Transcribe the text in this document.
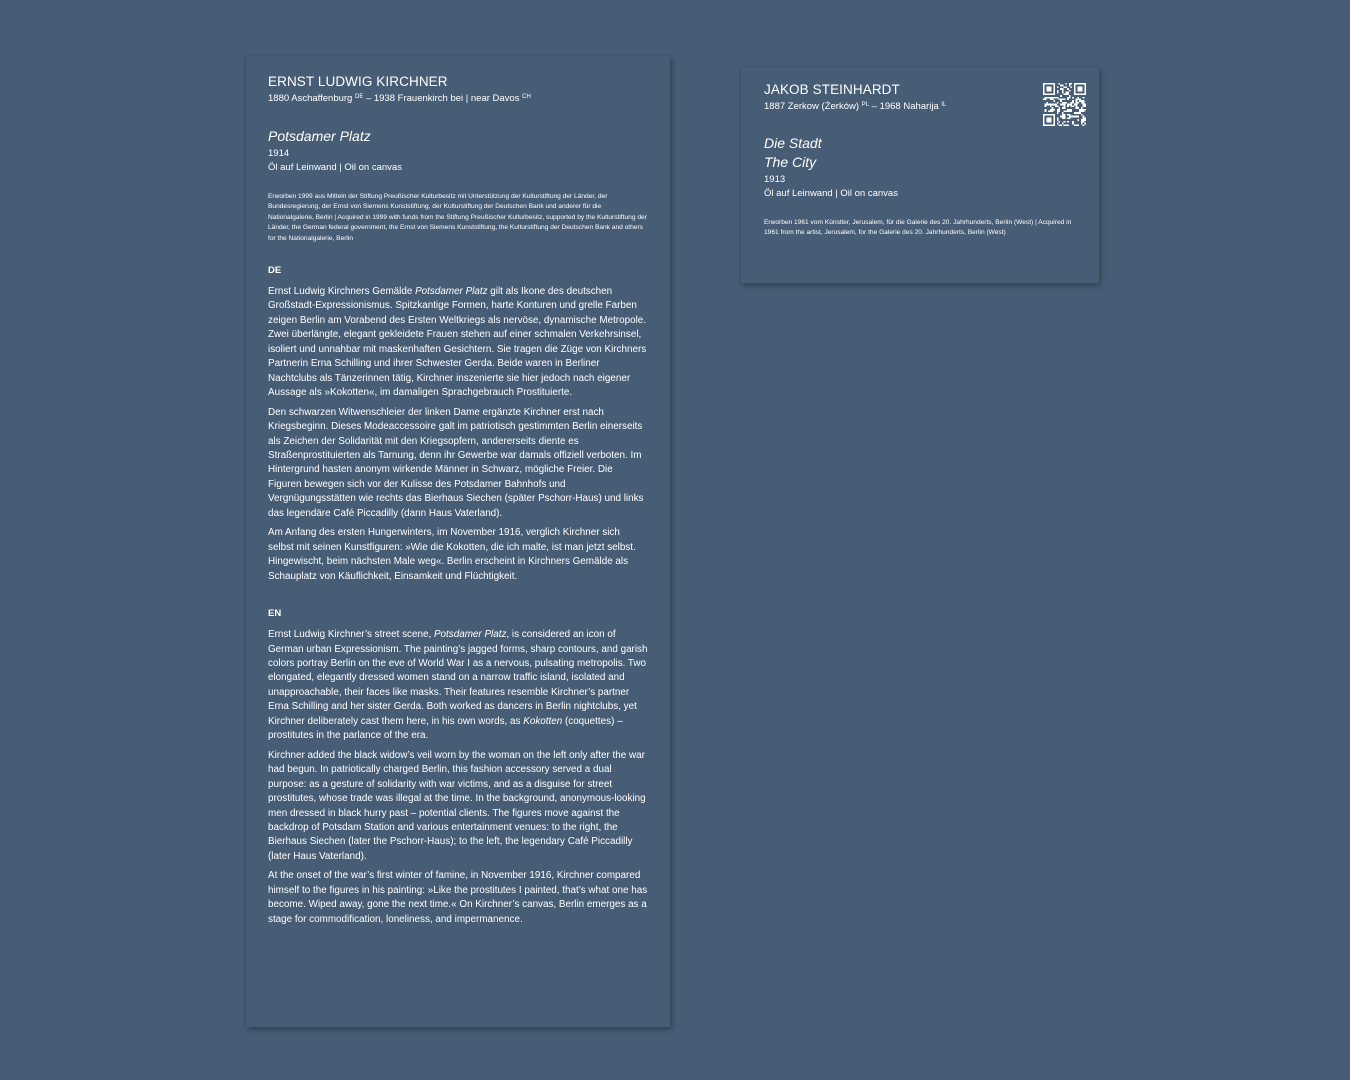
ERNST LUDWIG KIRCHNER

1880 Aschaffenburg $^{DE}$ – 1938 Frauenkirch bei | near Davos $^{CH}$

Potsdamer Platz

1914

Öl auf Leinwand | Oil on canvas

Erworben 1999 aus Mitteln der Stiftung Preußischer Kulturbesitz mit Unterstützung der Kulturstiftung der Länder, der Bundesregierung, der Ernst von Siemens Kunststiftung, der Kulturstiftung der Deutschen Bank und anderer für die Nationalgalerie, Berlin | Acquired in 1999 with funds from the Stiftung Preußischer Kulturbesitz, supported by the Kulturstiftung der Länder, the German federal government, the Ernst von Siemens Kunststiftung, the Kulturstiftung der Deutschen Bank and others for the Nationalgalerie, Berlin

DE

Ernst Ludwig Kirchners Gemälde Potsdamer Platz gilt als Ikone des deutschen Großstadt-Expressionismus. Spitzkantige Formen, harte Konturen und grelle Farben zeigen Berlin am Vorabend des Ersten Weltkriegs als nervöse, dynamische Metropole. Zwei überlängte, elegant gekleidete Frauen stehen auf einer schmalen Verkehrsinsel, isoliert und unnahbar mit maskenhaften Gesichtern. Sie tragen die Züge von Kirchners Partnerin Erna Schilling und ihrer Schwester Gerda. Beide waren in Berliner Nachtclubs als Tänzerinnen tätig, Kirchner inszenierte sie hier jedoch nach eigener Aussage als »Kokotten«, im damaligen Sprachgebrauch Prostituierte.

Den schwarzen Witwenschleier der linken Dame ergänzte Kirchner erst nach Kriegsbeginn. Dieses Modeaccessoire galt im patriotisch gestimmten Berlin einerseits als Zeichen der Solidarität mit den Kriegsopfern, andererseits diente es Straßenprostituierten als Tarnung, denn ihr Gewerbe war damals offiziell verboten. Im Hintergrund hasten anonym wirkende Männer in Schwarz, mögliche Freier. Die Figuren bewegen sich vor der Kulisse des Potsdamer Bahnhofs und Vergnügungsstätten wie rechts das Bierhaus Siechen (später Pschorr-Haus) und links das legendäre Café Piccadilly (dann Haus Vaterland).

Am Anfang des ersten Hungerwinters, im November 1916, verglich Kirchner sich selbst mit seinen Kunstfiguren: »Wie die Kokotten, die ich malte, ist man jetzt selbst. Hingewischt, beim nächsten Male weg«. Berlin erscheint in Kirchners Gemälde als Schauplatz von Käuflichkeit, Einsamkeit und Flüchtigkeit.

EN

Ernst Ludwig Kirchner’s street scene, Potsdamer Platz, is considered an icon of German urban Expressionism. The painting’s jagged forms, sharp contours, and garish colors portray Berlin on the eve of World War I as a nervous, pulsating metropolis. Two elongated, elegantly dressed women stand on a narrow traffic island, isolated and unapproachable, their faces like masks. Their features resemble Kirchner’s partner Erna Schilling and her sister Gerda. Both worked as dancers in Berlin nightclubs, yet Kirchner deliberately cast them here, in his own words, as Kokotten (coquettes) – prostitutes in the parlance of the era.

Kirchner added the black widow’s veil worn by the woman on the left only after the war had begun. In patriotically charged Berlin, this fashion accessory served a dual purpose: as a gesture of solidarity with war victims, and as a disguise for street prostitutes, whose trade was illegal at the time. In the background, anonymous-looking men dressed in black hurry past – potential clients. The figures move against the backdrop of Potsdam Station and various entertainment venues: to the right, the Bierhaus Siechen (later the Pschorr-Haus); to the left, the legendary Café Piccadilly (later Haus Vaterland).

At the onset of the war’s first winter of famine, in November 1916, Kirchner compared himself to the figures in his painting: »Like the prostitutes I painted, that’s what one has become. Wiped away, gone the next time.« On Kirchner’s canvas, Berlin emerges as a stage for commodification, loneliness, and impermanence.

JAKOB STEINHARDT

1887 Zerkow (Żerków) $^{PL}$ – 1968 Naharija $^{IL}$

Die Stadt

The City

1913

Öl auf Leinwand | Oil on canvas

Erworben 1961 vom Künstler, Jerusalem, für die Galerie des 20. Jahrhunderts, Berlin (West) | Acquired in 1961 from the artist, Jerusalem, for the Galerie des 20. Jahrhunderts, Berlin (West)
